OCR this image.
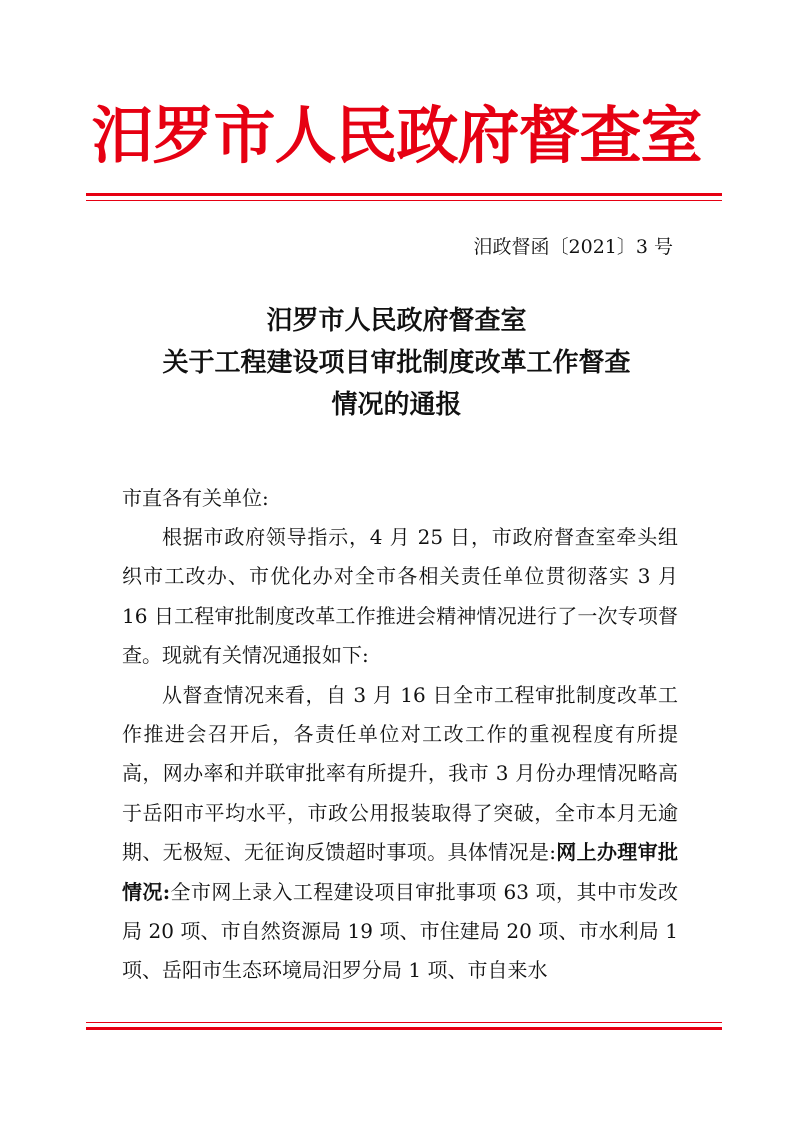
汨罗市人民政府督查室
汨政督函〔2021〕3 号
汨罗市人民政府督查室
关于工程建设项目审批制度改革工作督查
情况的通报
市直各有关单位:

根据市政府领导指示，4 月 25 日，市政府督查室牵头组织市工改办、市优化办对全市各相关责任单位贯彻落实 3 月 16 日工程审批制度改革工作推进会精神情况进行了一次专项督查。现就有关情况通报如下:

从督查情况来看，自 3 月 16 日全市工程审批制度改革工作推进会召开后，各责任单位对工改工作的重视程度有所提高，网办率和并联审批率有所提升，我市 3 月份办理情况略高于岳阳市平均水平，市政公用报装取得了突破，全市本月无逾期、无极短、无征询反馈超时事项。具体情况是:网上办理审批情况:全市网上录入工程建设项目审批事项 63 项，其中市发改局 20 项、市自然资源局 19 项、市住建局 20 项、市水利局 1 项、岳阳市生态环境局汨罗分局 1 项、市自来水
